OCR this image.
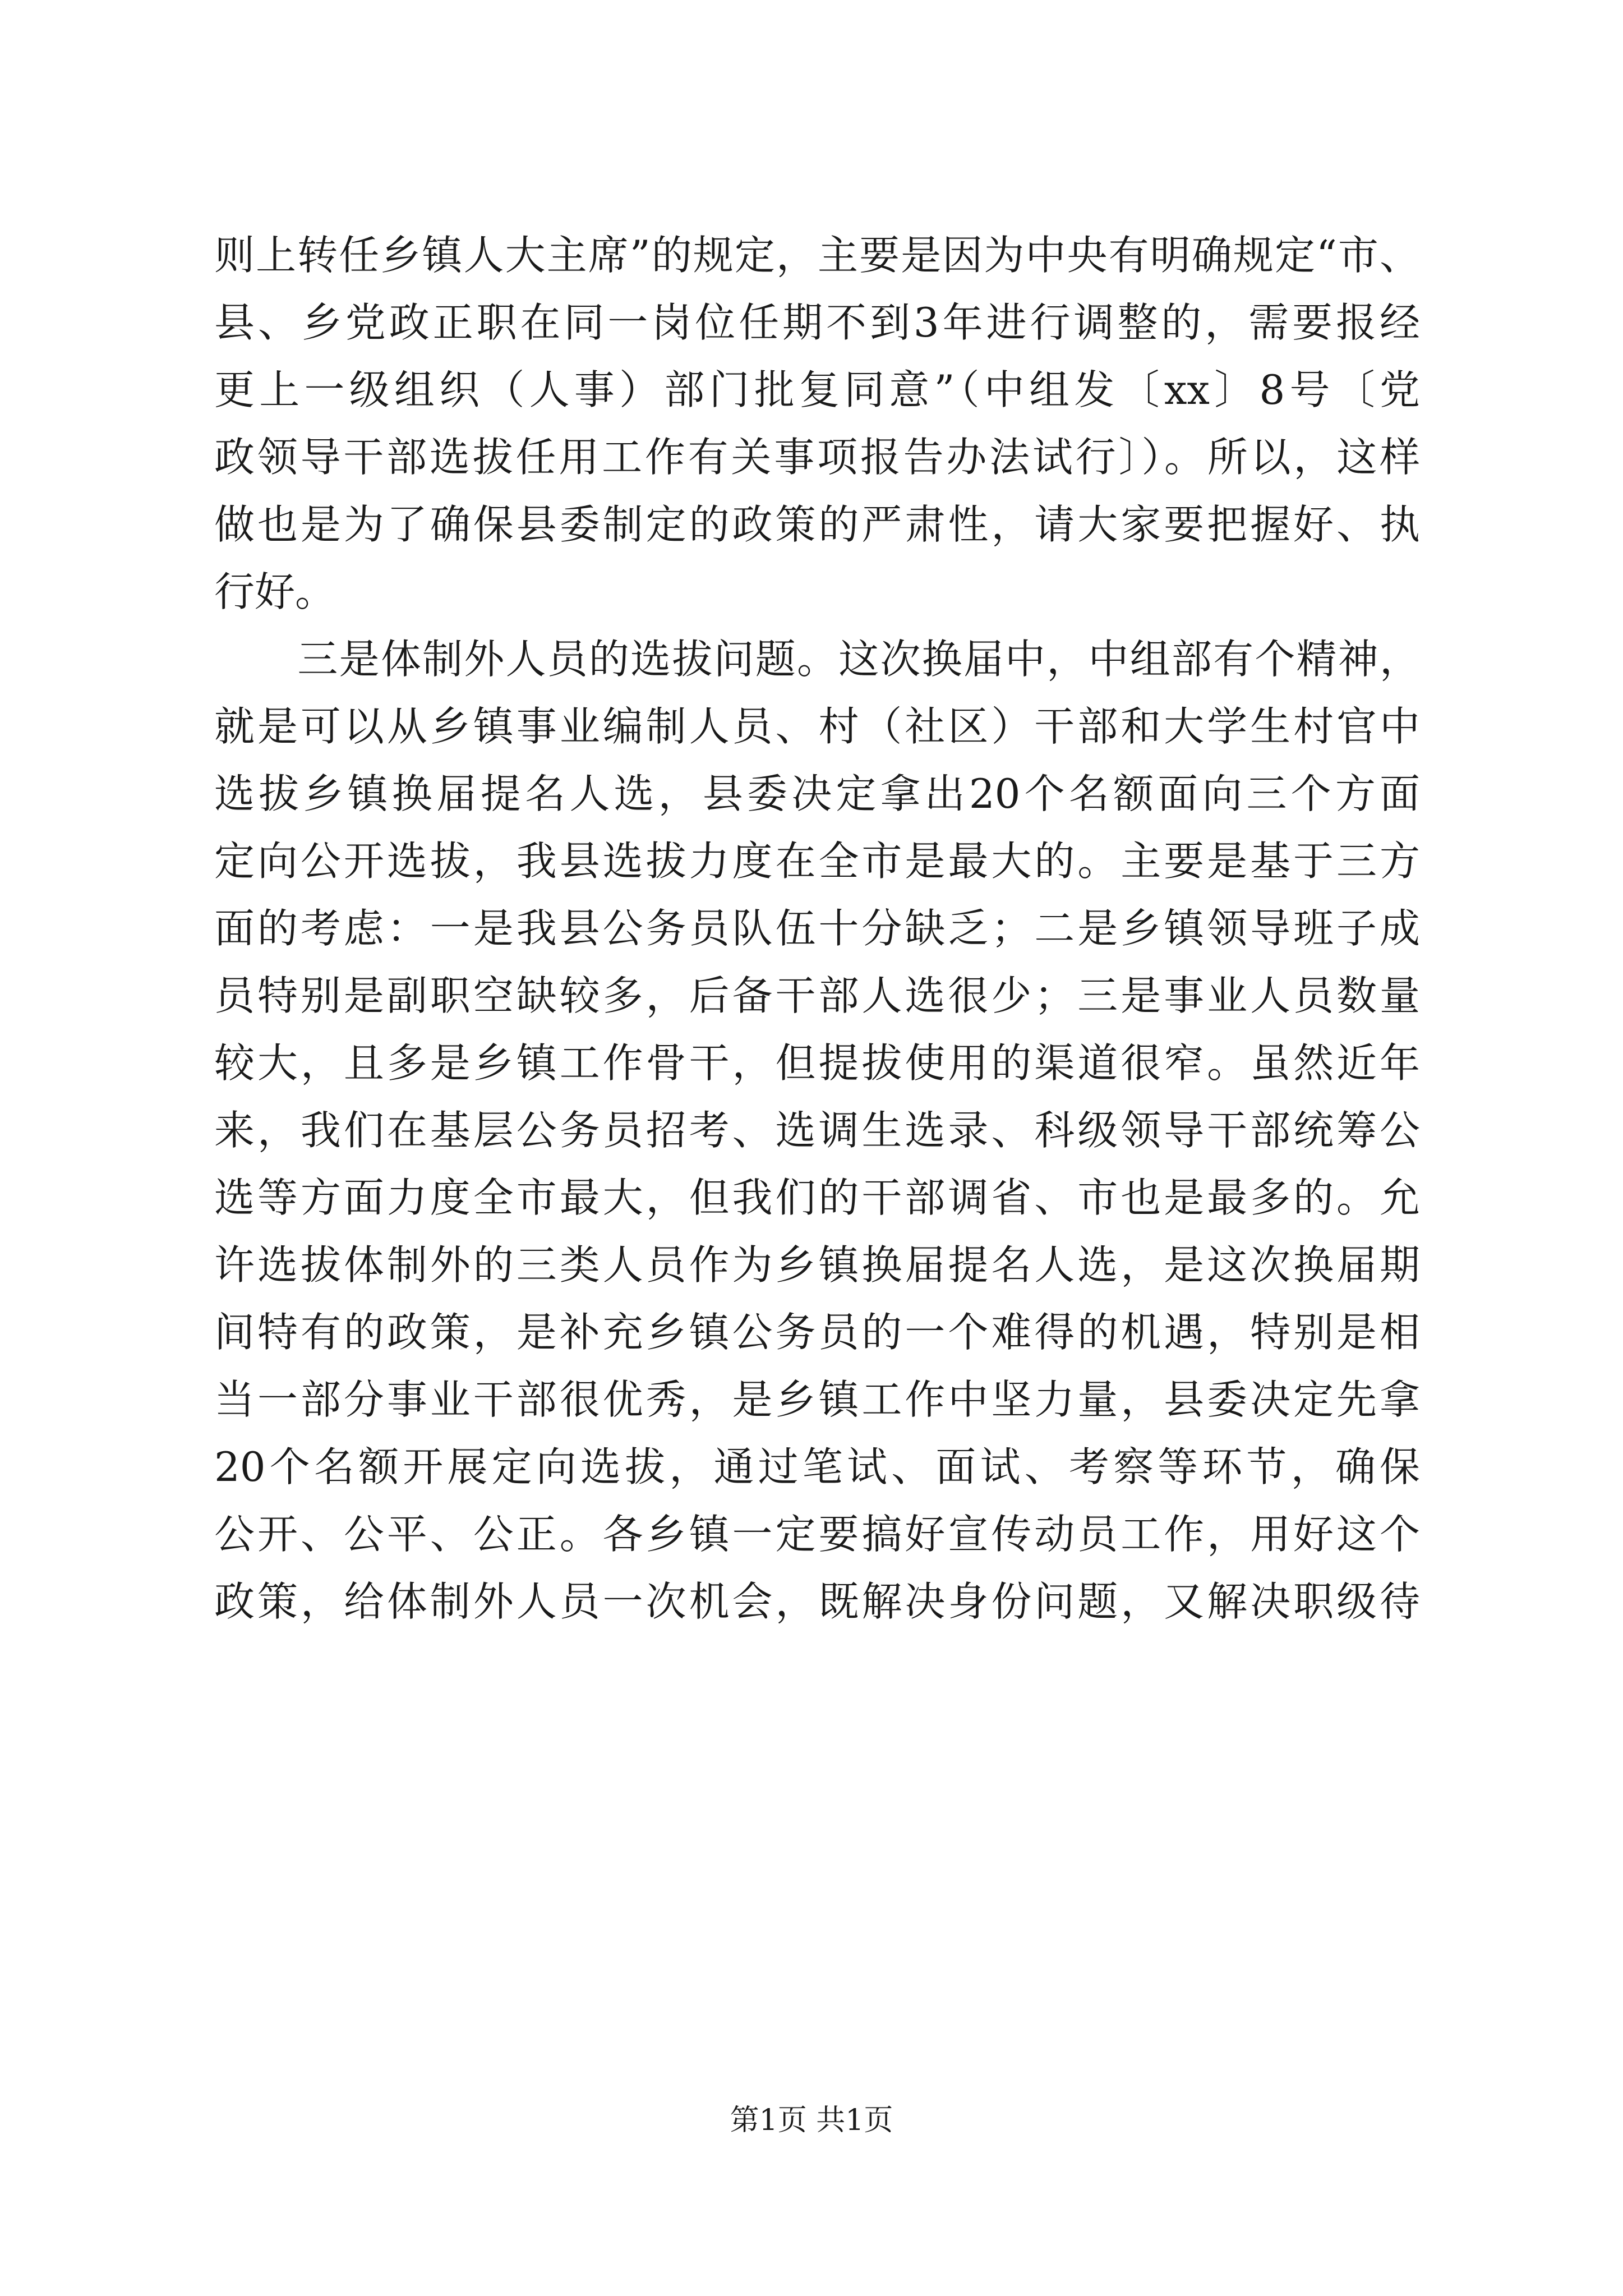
则上转任乡镇人大主席”的规定，主要是因为中央有明确规定“市、
县、乡党政正职在同一岗位任期不到3年进行调整的，需要报经
更上一级组织（人事）部门批复同意”（中组发〔xx〕8号〔党
政领导干部选拔任用工作有关事项报告办法试行〕）。所以，这样
做也是为了确保县委制定的政策的严肃性，请大家要把握好、执
行好。
　　三是体制外人员的选拔问题。这次换届中，中组部有个精神，
就是可以从乡镇事业编制人员、村（社区）干部和大学生村官中
选拔乡镇换届提名人选，县委决定拿出20个名额面向三个方面
定向公开选拔，我县选拔力度在全市是最大的。主要是基于三方
面的考虑：一是我县公务员队伍十分缺乏；二是乡镇领导班子成
员特别是副职空缺较多，后备干部人选很少；三是事业人员数量
较大，且多是乡镇工作骨干，但提拔使用的渠道很窄。虽然近年
来，我们在基层公务员招考、选调生选录、科级领导干部统筹公
选等方面力度全市最大，但我们的干部调省、市也是最多的。允
许选拔体制外的三类人员作为乡镇换届提名人选，是这次换届期
间特有的政策，是补充乡镇公务员的一个难得的机遇，特别是相
当一部分事业干部很优秀，是乡镇工作中坚力量，县委决定先拿
20个名额开展定向选拔，通过笔试、面试、考察等环节，确保
公开、公平、公正。各乡镇一定要搞好宣传动员工作，用好这个
政策，给体制外人员一次机会，既解决身份问题，又解决职级待
第1页 共1页
